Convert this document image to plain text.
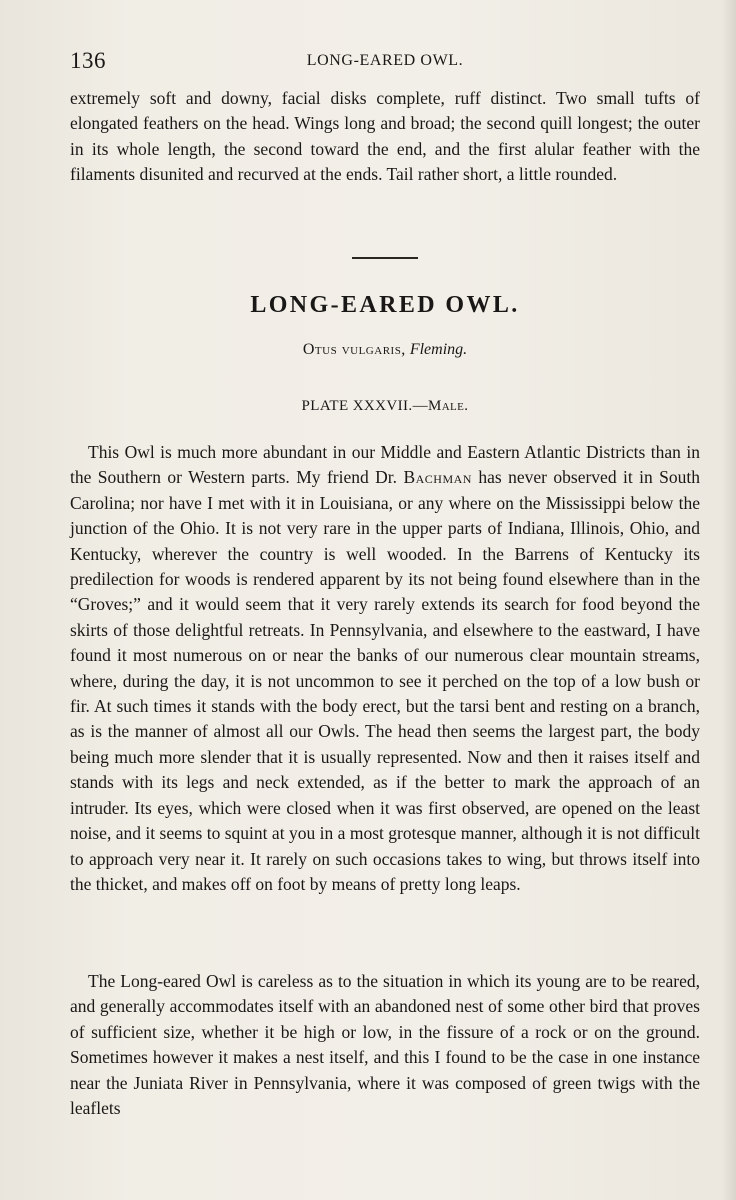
136	LONG-EARED OWL.

extremely soft and downy, facial disks complete, ruff distinct. Two small tufts of elongated feathers on the head. Wings long and broad; the second quill longest; the outer in its whole length, the second toward the end, and the first alular feather with the filaments disunited and recurved at the ends. Tail rather short, a little rounded.

LONG-EARED OWL.

Otus vulgaris, Fleming.

PLATE XXXVII.—Male.

This Owl is much more abundant in our Middle and Eastern Atlantic Districts than in the Southern or Western parts. My friend Dr. Bachman has never observed it in South Carolina; nor have I met with it in Louisiana, or any where on the Mississippi below the junction of the Ohio. It is not very rare in the upper parts of Indiana, Illinois, Ohio, and Kentucky, wherever the country is well wooded. In the Barrens of Kentucky its predilection for woods is rendered apparent by its not being found elsewhere than in the “Groves;” and it would seem that it very rarely extends its search for food beyond the skirts of those delightful retreats. In Pennsylvania, and elsewhere to the eastward, I have found it most numerous on or near the banks of our numerous clear mountain streams, where, during the day, it is not uncommon to see it perched on the top of a low bush or fir. At such times it stands with the body erect, but the tarsi bent and resting on a branch, as is the manner of almost all our Owls. The head then seems the largest part, the body being much more slender that it is usually represented. Now and then it raises itself and stands with its legs and neck extended, as if the better to mark the approach of an intruder. Its eyes, which were closed when it was first observed, are opened on the least noise, and it seems to squint at you in a most grotesque manner, although it is not difficult to approach very near it. It rarely on such occasions takes to wing, but throws itself into the thicket, and makes off on foot by means of pretty long leaps.

The Long-eared Owl is careless as to the situation in which its young are to be reared, and generally accommodates itself with an abandoned nest of some other bird that proves of sufficient size, whether it be high or low, in the fissure of a rock or on the ground. Sometimes however it makes a nest itself, and this I found to be the case in one instance near the Juniata River in Pennsylvania, where it was composed of green twigs with the leaflets
